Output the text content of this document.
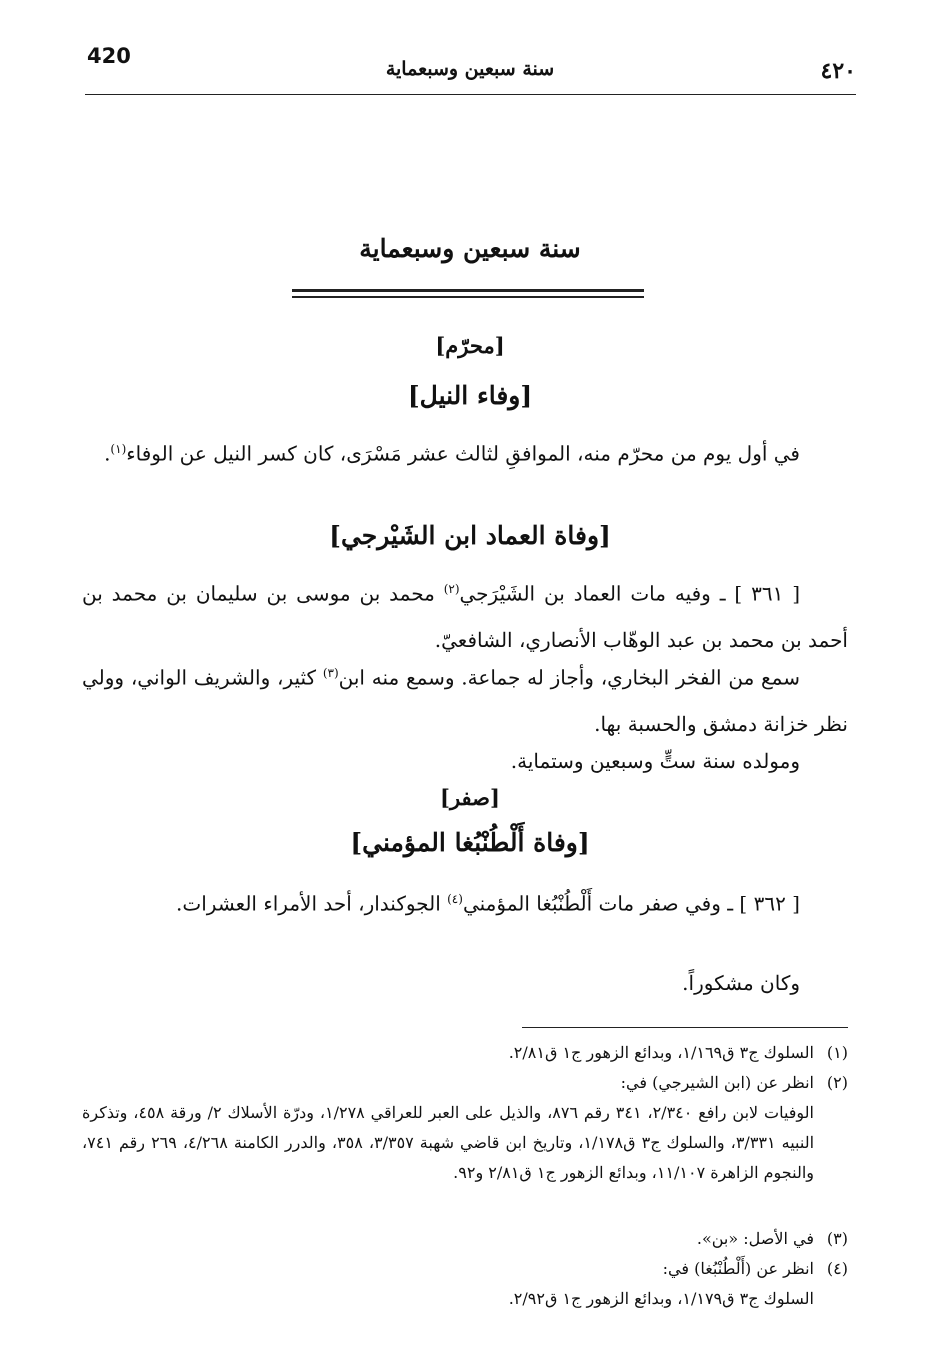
420
سنة سبعين وسبعماية	٤٢٠
سنة سبعين وسبعماية
[محرّم]
[وفاء النيل]
في أول يوم من محرّم منه، الموافقِ لثالث عشر مَسْرَى، كان كسر النيل عن الوفاء$^{(١)}$.
[وفاة العماد ابن الشَيْرجي]
[ ٣٦١ ] ـ وفيه مات العماد بن الشَيْرَجي$^{(٢)}$ محمد بن موسى بن سليمان بن محمد بن أحمد بن محمد بن عبد الوهّاب الأنصاري، الشافعيّ.
سمع من الفخر البخاري، وأجاز له جماعة. وسمع منه ابن$^{(٣)}$ كثير، والشريف الواني، وولي نظر خزانة دمشق والحسبة بها.
ومولده سنة ستٍّ وسبعين وستماية.
[صفر]
[وفاة أَلْطُنْبُغا المؤمني]
[ ٣٦٢ ] ـ وفي صفر مات أَلْطُنْبُغا المؤمني$^{(٤)}$ الجوكندار، أحد الأمراء العشرات.
وكان مشكوراً.
(١)السلوك ج٣ ق١/١٦٩، وبدائع الزهور ج١ ق٢/٨١.
(٢)انظر عن (ابن الشيرجي) في:
الوفيات لابن رافع ٢/٣٤٠، ٣٤١ رقم ٨٧٦، والذيل على العبر للعراقي ١/٢٧٨، ودرّة الأسلاك ٢/ ورقة ٤٥٨، وتذكرة النبيه ٣/٣٣١، والسلوك ج٣ ق١/١٧٨، وتاريخ ابن قاضي شهبة ٣/٣٥٧، ٣٥٨، والدرر الكامنة ٤/٢٦٨، ٢٦٩ رقم ٧٤١، والنجوم الزاهرة ١١/١٠٧، وبدائع الزهور ج١ ق٢/٨١ و٩٢.
(٣)في الأصل: «بن».
(٤)انظر عن (أَلْطُنْبُغا) في:
السلوك ج٣ ق١/١٧٩، وبدائع الزهور ج١ ق٢/٩٢.
